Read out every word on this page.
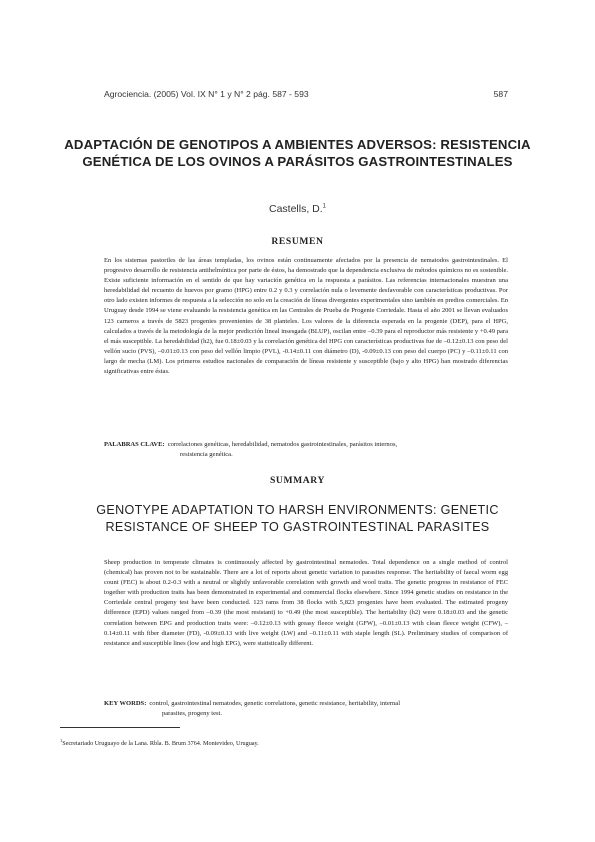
Agrociencia. (2005) Vol. IX N° 1 y N° 2 pág. 587 - 593	587
ADAPTACIÓN DE GENOTIPOS A AMBIENTES ADVERSOS: RESISTENCIA GENÉTICA DE LOS OVINOS A PARÁSITOS GASTROINTESTINALES
Castells, D.$^1$
RESUMEN

En los sistemas pastoriles de las áreas templadas, los ovinos están continuamente afectados por la presencia de nematodos gastrointestinales. El progresivo desarrollo de resistencia antihelmíntica por parte de éstos, ha demostrado que la dependencia exclusiva de métodos químicos no es sostenible. Existe suficiente información en el sentido de que hay variación genética en la respuesta a parásitos. Las referencias internacionales muestran una heredabilidad del recuento de huevos por gramo (HPG) entre 0.2 y 0.3 y correlación nula o levemente desfavorable con características productivas. Por otro lado existen informes de respuesta a la selección no solo en la creación de líneas divergentes experimentales sino también en predios comerciales. En Uruguay desde 1994 se viene evaluando la resistencia genética en las Centrales de Prueba de Progenie Corriedale. Hasta el año 2001 se llevan evaluados 123 carneros a través de 5823 progenies provenientes de 38 planteles. Los valores de la diferencia esperada en la progenie (DEP), para el HPG, calculados a través de la metodología de la mejor predicción lineal insesgada (BLUP), oscilan entre –0.39 para el reproductor más resistente y +0.49 para el más susceptible. La heredabilidad (h2), fue 0.18±0.03 y la correlación genética del HPG con características productivas fue de –0.12±0.13 con peso del vellón sucio (PVS), –0.01±0.13 con peso del vellón limpio (PVL), -0.14±0.11 con diámetro (D), -0.09±0.13 con peso del cuerpo (PC) y –0.11±0.11 con largo de mecha (LM). Los primeros estudios nacionales de comparación de líneas resistente y susceptible (bajo y alto HPG) han mostrado diferencias significativas entre éstas.

PALABRAS CLAVE: correlaciones genéticas, heredabilidad, nematodos gastrointestinales, parásitos internos,
resistencia genética.
SUMMARY
GENOTYPE ADAPTATION TO HARSH ENVIRONMENTS: GENETIC RESISTANCE OF SHEEP TO GASTROINTESTINAL PARASITES

Sheep production in temperate climates is continuously affected by gastrointestinal nematodes. Total dependence on a single method of control (chemical) has proven not to be sustainable. There are a lot of reports about genetic variation to parasites response. The heritability of faecal worm egg count (FEC) is about 0.2-0.3 with a neutral or slightly unfavorable correlation with growth and wool traits. The genetic progress in resistance of FEC together with production traits has been demonstrated in experimental and commercial flocks elsewhere. Since 1994 genetic studies on resistance in the Corriedale central progeny test have been conducted. 123 rams from 38 flocks with 5,823 progenies have been evaluated. The estimated progeny difference (EPD) values ranged from –0.39 (the most resistant) to +0.49 (the most susceptible). The heritability (h2) were 0.18±0.03 and the genetic correlation between EPG and production traits were: –0.12±0.13 with greasy fleece weight (GFW), –0.01±0.13 with clean fleece weight (CFW), –0.14±0.11 with fiber diameter (FD), -0.09±0.13 with live weight (LW) and –0.11±0.11 with staple length (SL). Preliminary studies of comparison of resistance and susceptible lines (low and high EPG), were statistically different.

KEY WORDS: control, gastrointestinal nematodes, genetic correlations, genetic resistance, heritability, internal
parasites, progeny test.
$^1$Secretariado Uruguayo de la Lana. Rbla. B. Brum 3764. Montevideo, Uruguay.
